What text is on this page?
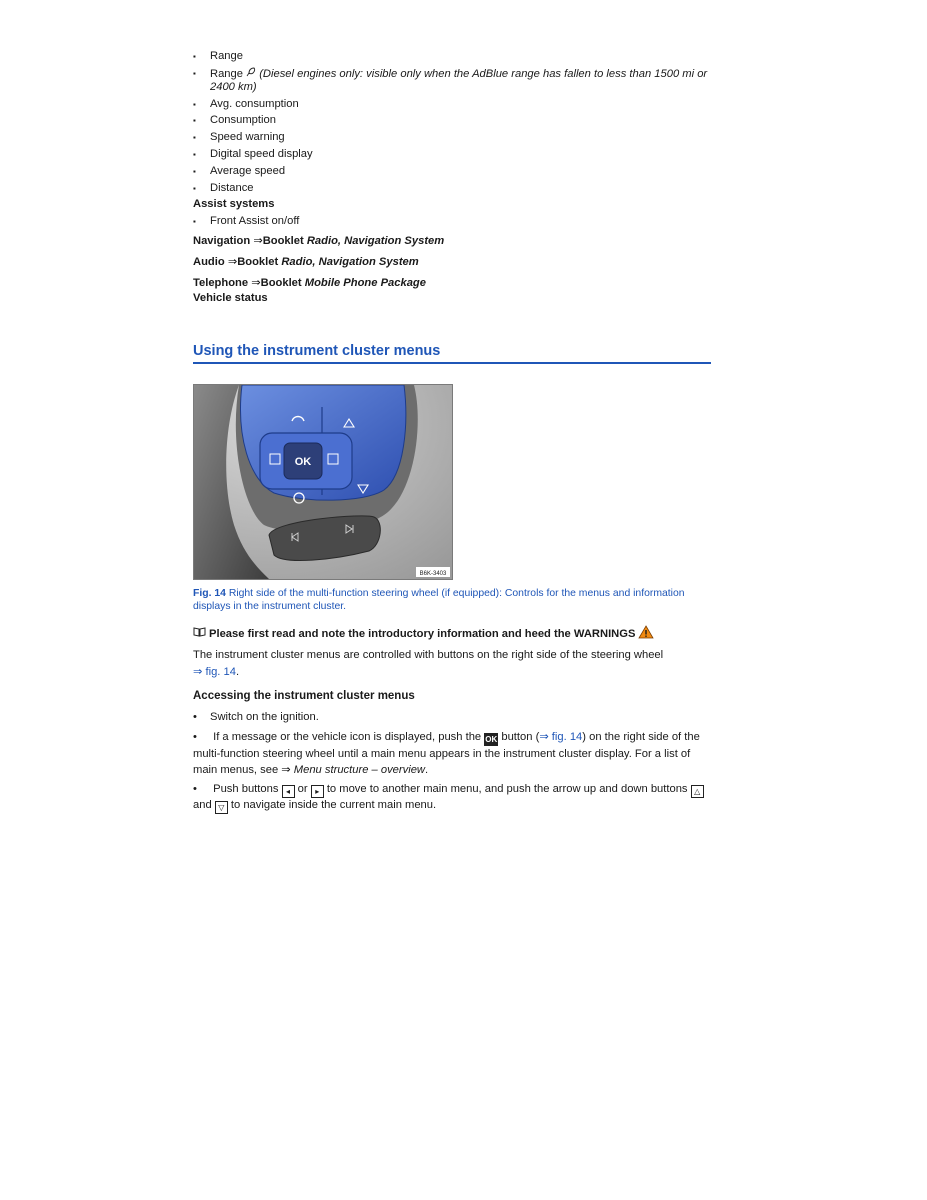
▪ Range
▪ Range (Diesel engines only: visible only when the AdBlue range has fallen to less than 1500 mi or 2400 km)
▪ Avg. consumption
▪ Consumption
▪ Speed warning
▪ Digital speed display
▪ Average speed
▪ Distance
Assist systems
▪ Front Assist on/off
Navigation ⇒Booklet Radio, Navigation System
Audio ⇒Booklet Radio, Navigation System
Telephone ⇒Booklet Mobile Phone Package
Vehicle status
Using the instrument cluster menus
OK
B6K-3403
Fig. 14 Right side of the multi-function steering wheel (if equipped): Controls for the menus and information displays in the instrument cluster.
Please first read and note the introductory information and heed the WARNINGS

The instrument cluster menus are controlled with buttons on the right side of the steering wheel
⇒ fig. 14.

Accessing the instrument cluster menus
• Switch on the ignition.
• If a message or the vehicle icon is displayed, push the OK button (⇒ fig. 14) on the right side of the multi-function steering wheel until a main menu appears in the instrument cluster display. For a list of main menus, see ⇒ Menu structure – overview.
• Push buttons ◂ or ▸ to move to another main menu, and push the arrow up and down buttons △ and ▽ to navigate inside the current main menu.
